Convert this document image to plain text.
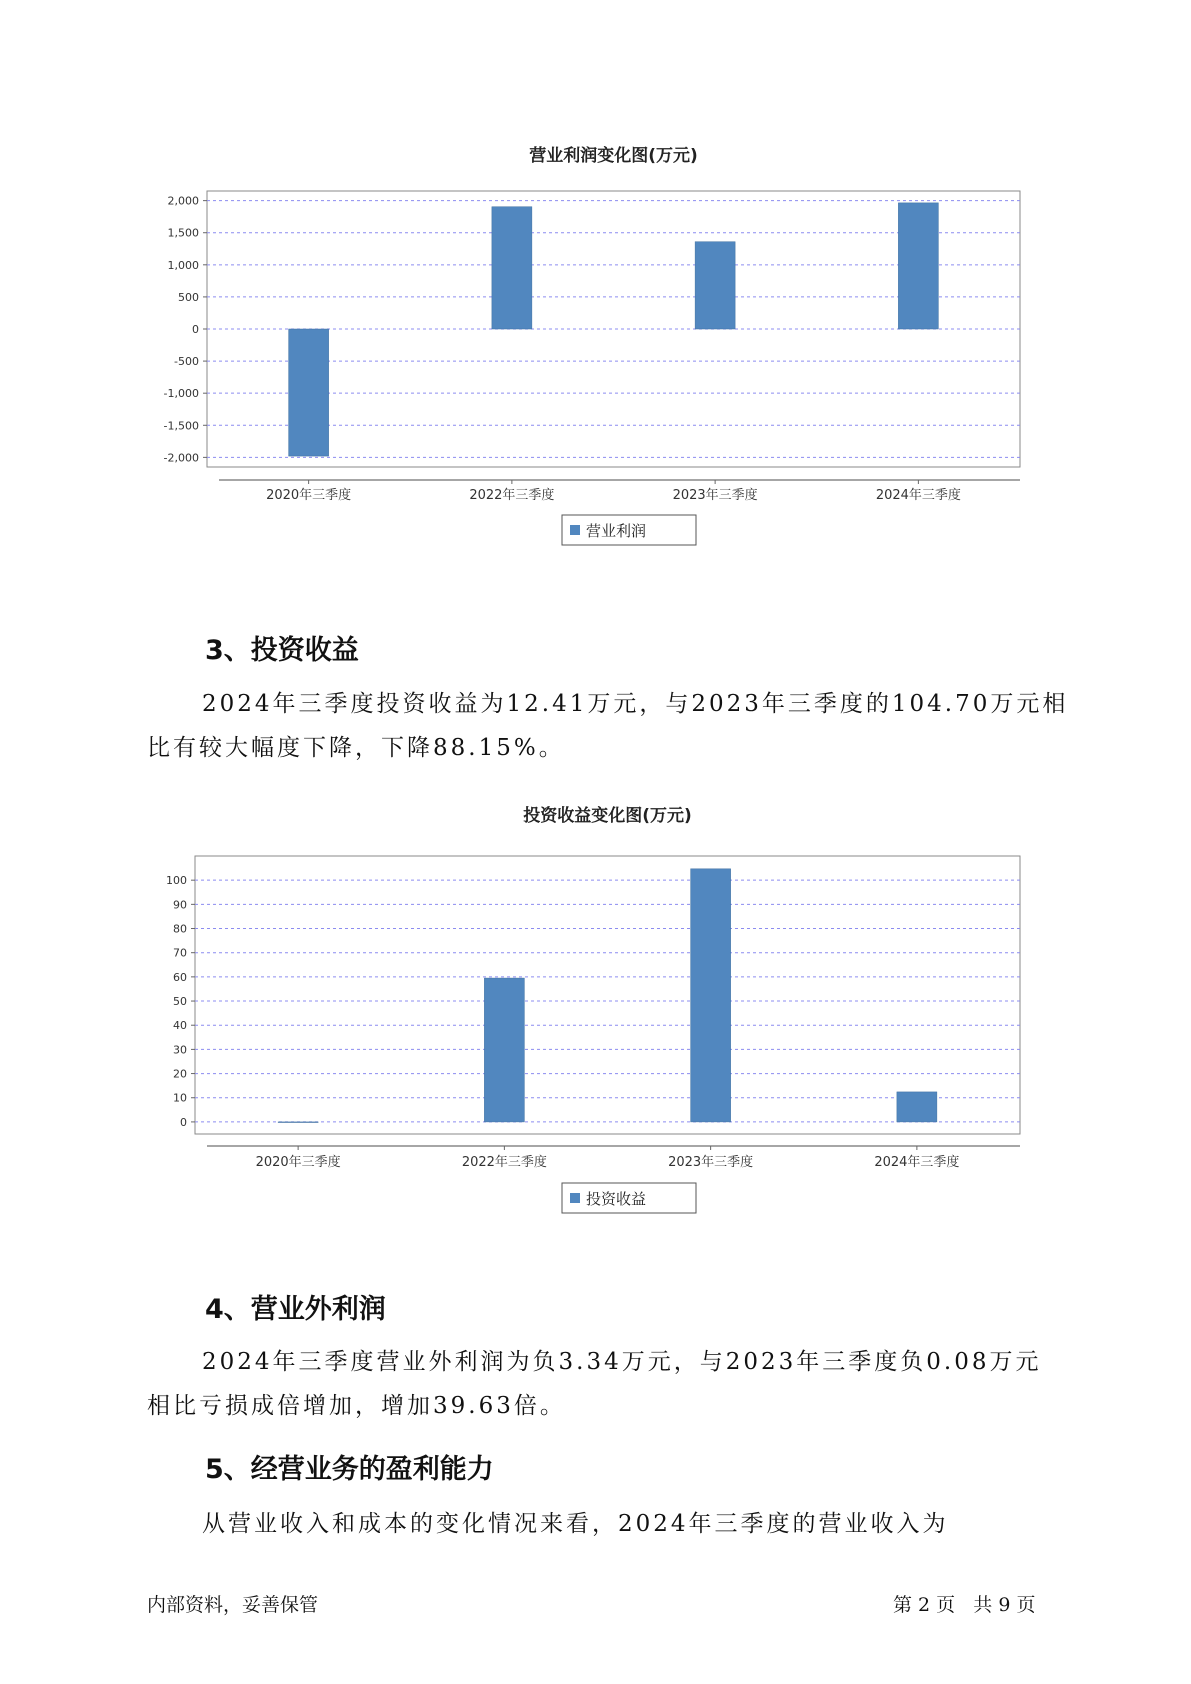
营业利润变化图(万元)
2,000
1,500
1,000
500
0
-500
-1,000
-1,500
-2,000
2020年三季度	2022年三季度	2023年三季度	2024年三季度
营业利润
3、投资收益

2024年三季度投资收益为12.41万元，与2023年三季度的104.70万元相
比有较大幅度下降，下降88.15%。

投资收益变化图(万元)
100
90
80
70
60
50
40
30
20
10
0
2020年三季度	2022年三季度	2023年三季度	2024年三季度
投资收益
4、营业外利润

2024年三季度营业外利润为负3.34万元，与2023年三季度负0.08万元
相比亏损成倍增加，增加39.63倍。

5、经营业务的盈利能力

从营业收入和成本的变化情况来看，2024年三季度的营业收入为

内部资料，妥善保管	第 2 页   共 9 页
